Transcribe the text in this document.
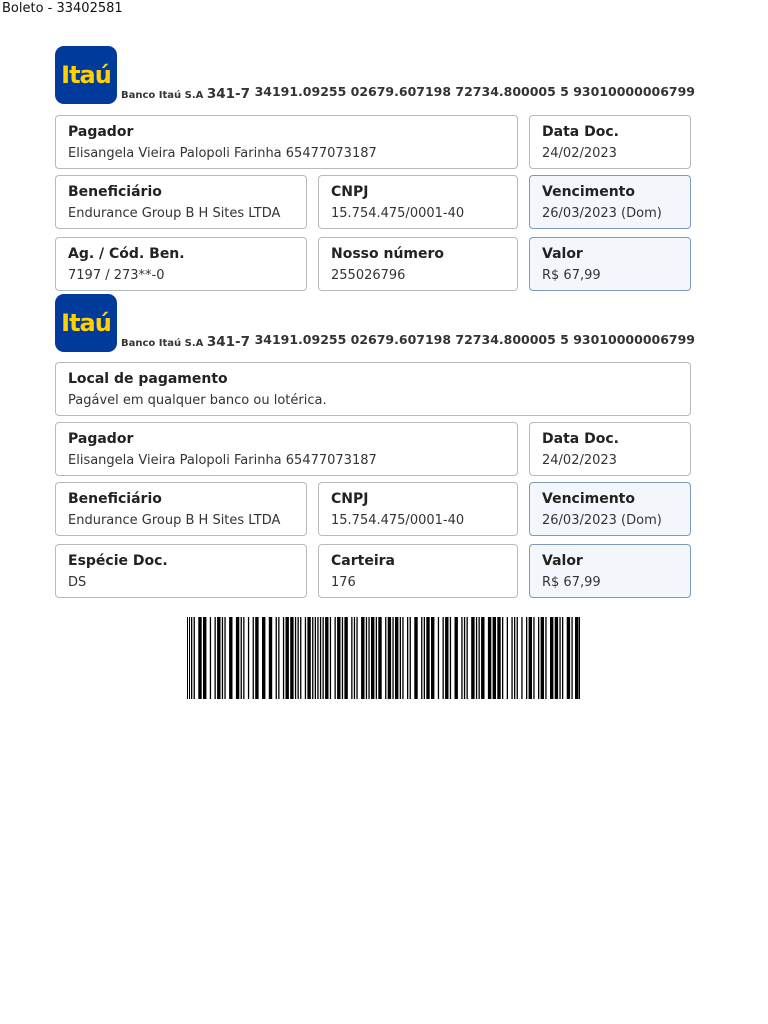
Boleto - 33402581
Itaú
Banco Itaú S.A 341-7 34191.09255 02679.607198 72734.800005 5 93010000006799
Pagador
Elisangela Vieira Palopoli Farinha 65477073187
Data Doc.
24/02/2023
Beneficiário
Endurance Group B H Sites LTDA
CNPJ
15.754.475/0001-40
Vencimento
26/03/2023 (Dom)
Ag. / Cód. Ben.
7197 / 273**-0
Nosso número
255026796
Valor
R$ 67,99
Itaú
Banco Itaú S.A 341-7 34191.09255 02679.607198 72734.800005 5 93010000006799
Local de pagamento
Pagável em qualquer banco ou lotérica.
Pagador
Elisangela Vieira Palopoli Farinha 65477073187
Data Doc.
24/02/2023
Beneficiário
Endurance Group B H Sites LTDA
CNPJ
15.754.475/0001-40
Vencimento
26/03/2023 (Dom)
Espécie Doc.
DS
Carteira
176
Valor
R$ 67,99
